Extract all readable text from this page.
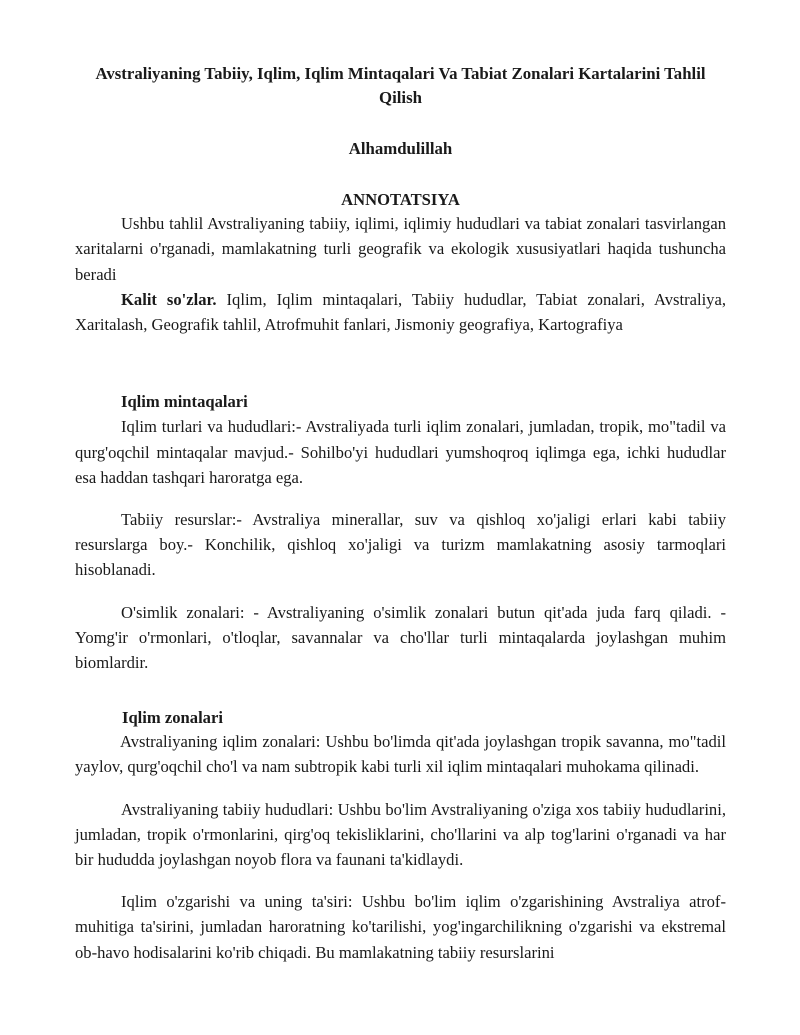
Avstraliyaning Tabiiy, Iqlim, Iqlim Mintaqalari Va Tabiat Zonalari Kartalarini Tahlil Qilish

Alhamdulillah

ANNOTATSIYA

Ushbu tahlil Avstraliyaning tabiiy, iqlimi, iqlimiy hududlari va tabiat zonalari tasvirlangan xaritalarni o'rganadi, mamlakatning turli geografik va ekologik xususiyatlari haqida tushuncha beradi

Kalit so'zlar. Iqlim, Iqlim mintaqalari, Tabiiy hududlar, Tabiat zonalari, Avstraliya, Xaritalash, Geografik tahlil, Atrofmuhit fanlari, Jismoniy geografiya, Kartografiya

Iqlim mintaqalari

Iqlim turlari va hududlari:- Avstraliyada turli iqlim zonalari, jumladan, tropik, mo"tadil va qurg'oqchil mintaqalar mavjud.- Sohilbo'yi hududlari yumshoqroq iqlimga ega, ichki hududlar esa haddan tashqari haroratga ega.

Tabiiy resurslar:- Avstraliya minerallar, suv va qishloq xo'jaligi erlari kabi tabiiy resurslarga boy.- Konchilik, qishloq xo'jaligi va turizm mamlakatning asosiy tarmoqlari hisoblanadi.

O'simlik zonalari: - Avstraliyaning o'simlik zonalari butun qit'ada juda farq qiladi. - Yomg'ir o'rmonlari, o'tloqlar, savannalar va cho'llar turli mintaqalarda joylashgan muhim biomlardir.

Iqlim zonalari

Avstraliyaning iqlim zonalari: Ushbu bo'limda qit'ada joylashgan tropik savanna, mo"tadil yaylov, qurg'oqchil cho'l va nam subtropik kabi turli xil iqlim mintaqalari muhokama qilinadi.

Avstraliyaning tabiiy hududlari: Ushbu bo'lim Avstraliyaning o'ziga xos tabiiy hududlarini, jumladan, tropik o'rmonlarini, qirg'oq tekisliklarini, cho'llarini va alp tog'larini o'rganadi va har bir hududda joylashgan noyob flora va faunani ta'kidlaydi.

Iqlim o'zgarishi va uning ta'siri: Ushbu bo'lim iqlim o'zgarishining Avstraliya atrof-muhitiga ta'sirini, jumladan haroratning ko'tarilishi, yog'ingarchilikning o'zgarishi va ekstremal ob-havo hodisalarini ko'rib chiqadi. Bu mamlakatning tabiiy resurslarini
